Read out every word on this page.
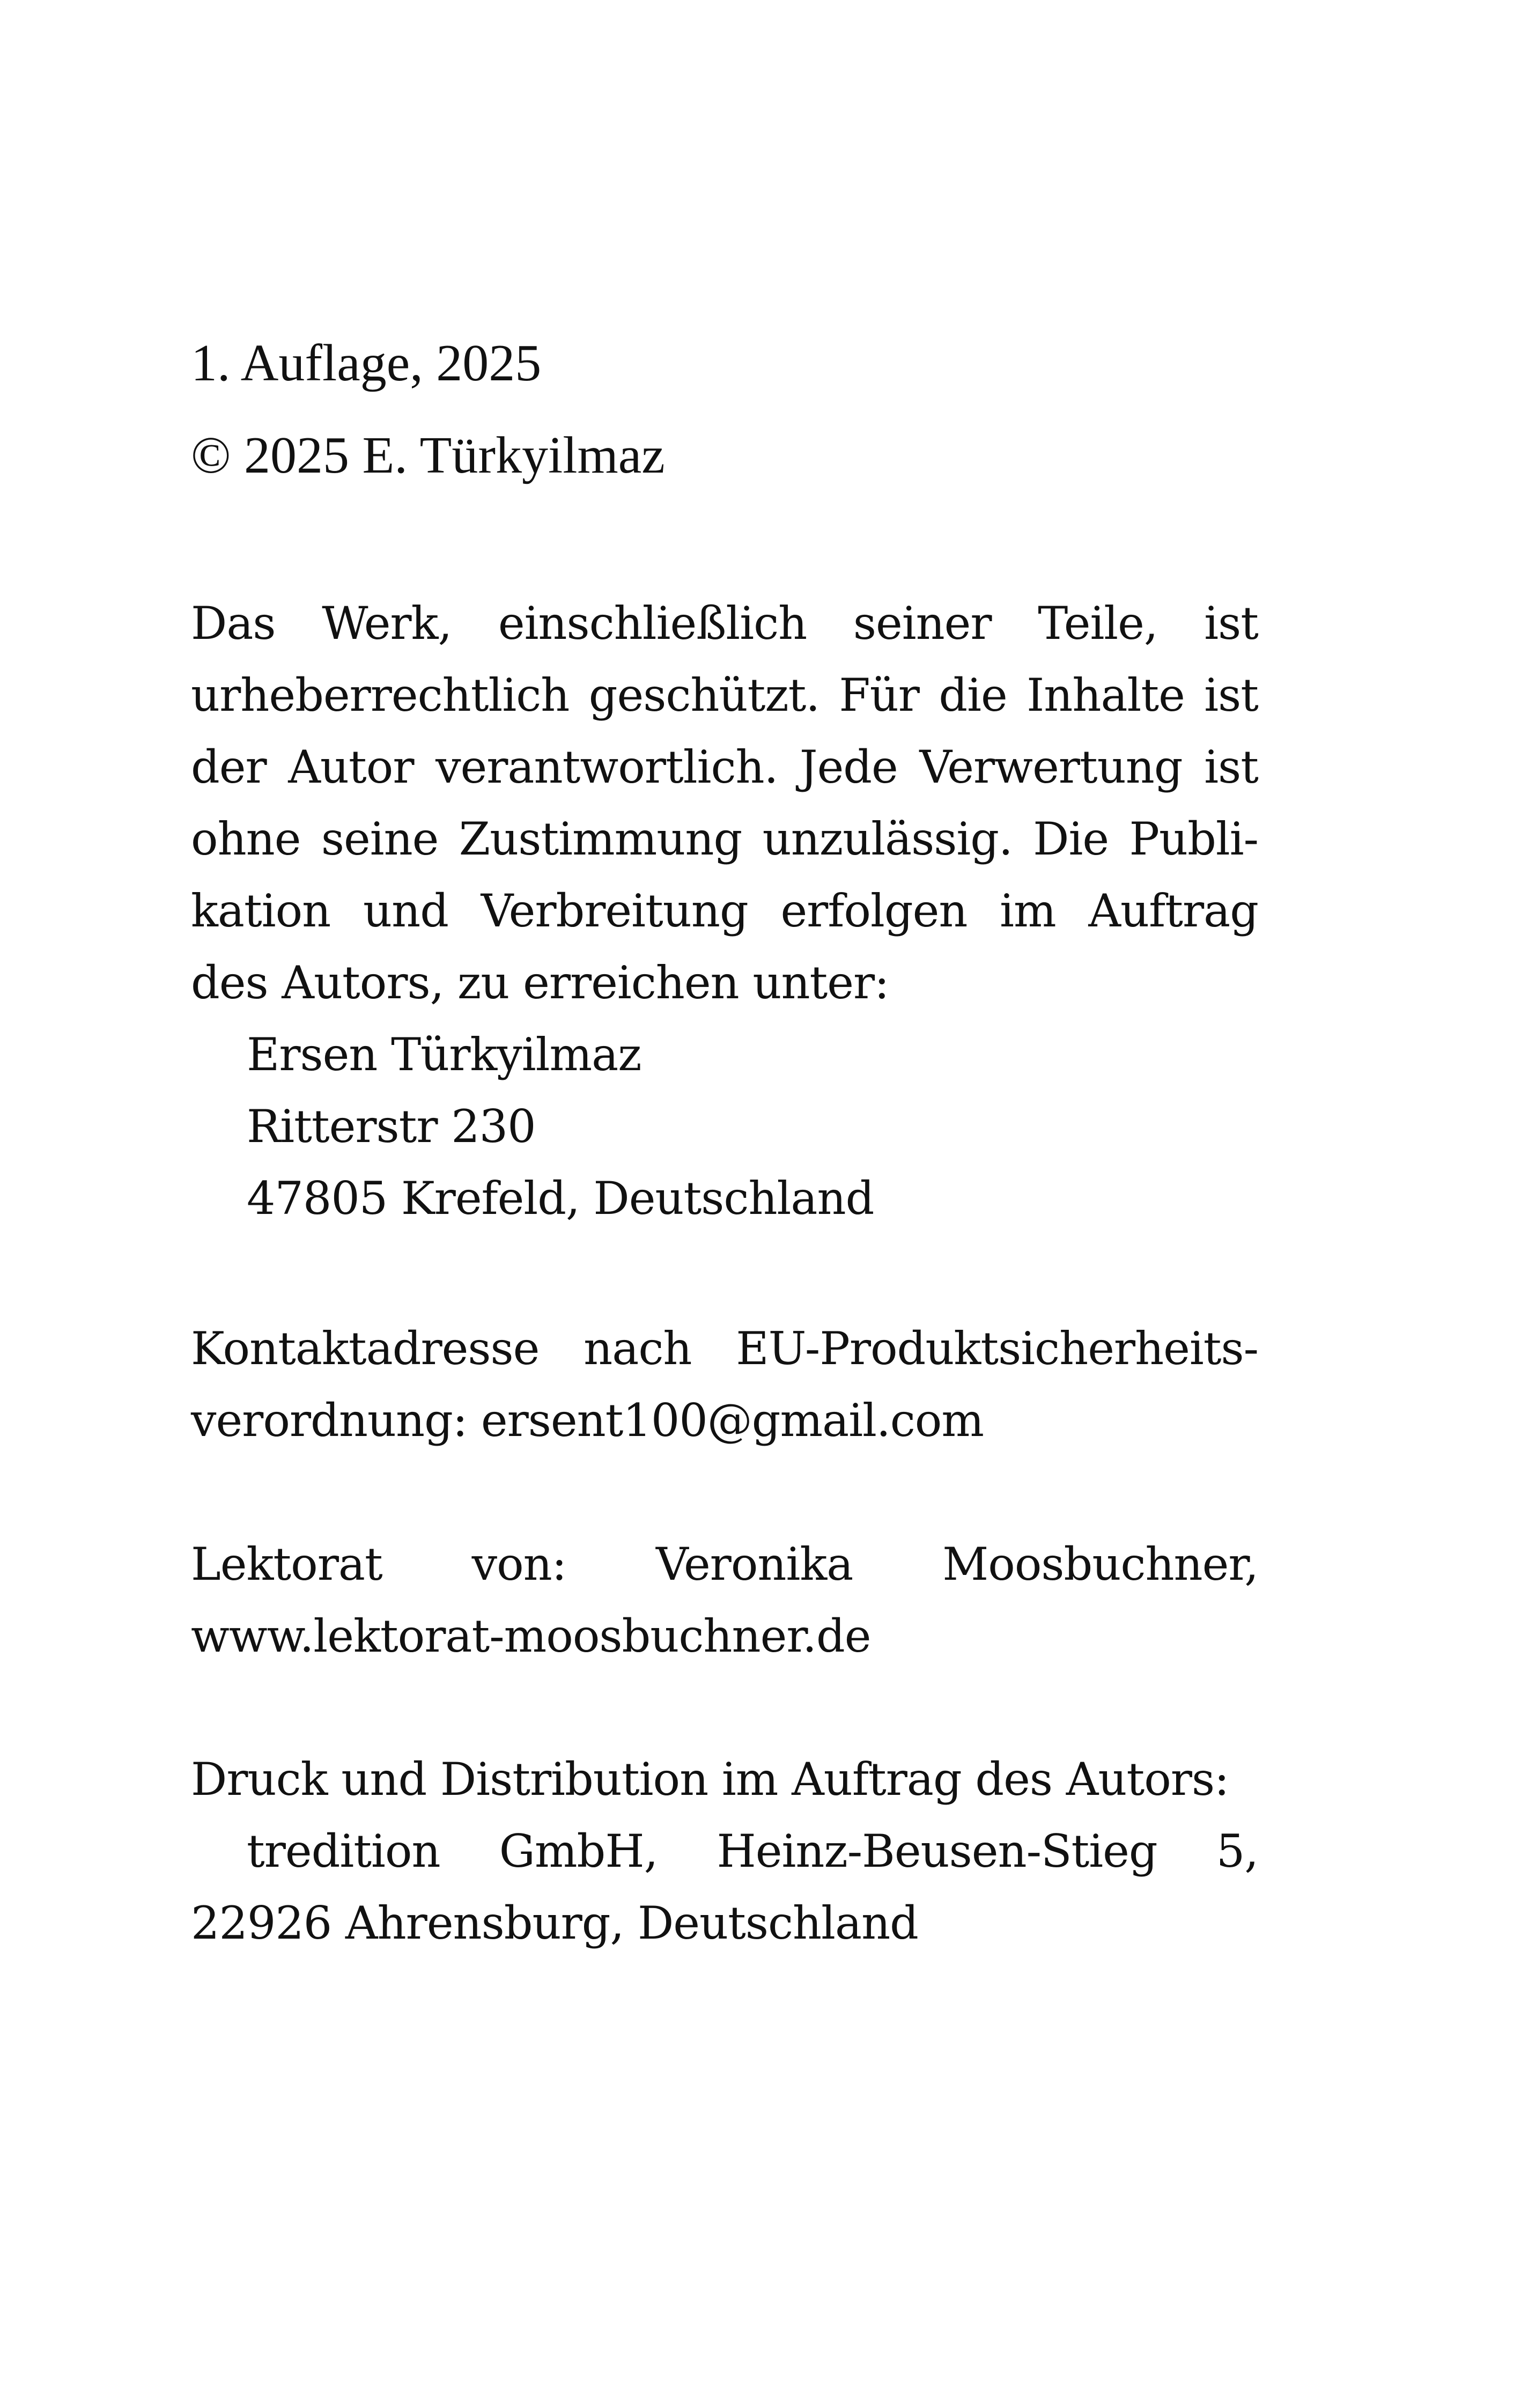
1. Auflage, 2025
© 2025 E. Türkyilmaz
Das Werk, einschließlich seiner Teile, ist
urheberrechtlich geschützt. Für die Inhalte ist
der Autor verantwortlich. Jede Verwertung ist
ohne seine Zustimmung unzulässig. Die Publi-
kation und Verbreitung erfolgen im Auftrag
des Autors, zu erreichen unter:
Ersen Türkyilmaz
Ritterstr 230
47805 Krefeld, Deutschland
Kontaktadresse nach EU-Produktsicherheits-
verordnung: ersent100@gmail.com
Lektorat von: Veronika Moosbuchner,
www.lektorat-moosbuchner.de
Druck und Distribution im Auftrag des Autors:
tredition GmbH, Heinz-Beusen-Stieg 5,
22926 Ahrensburg, Deutschland
